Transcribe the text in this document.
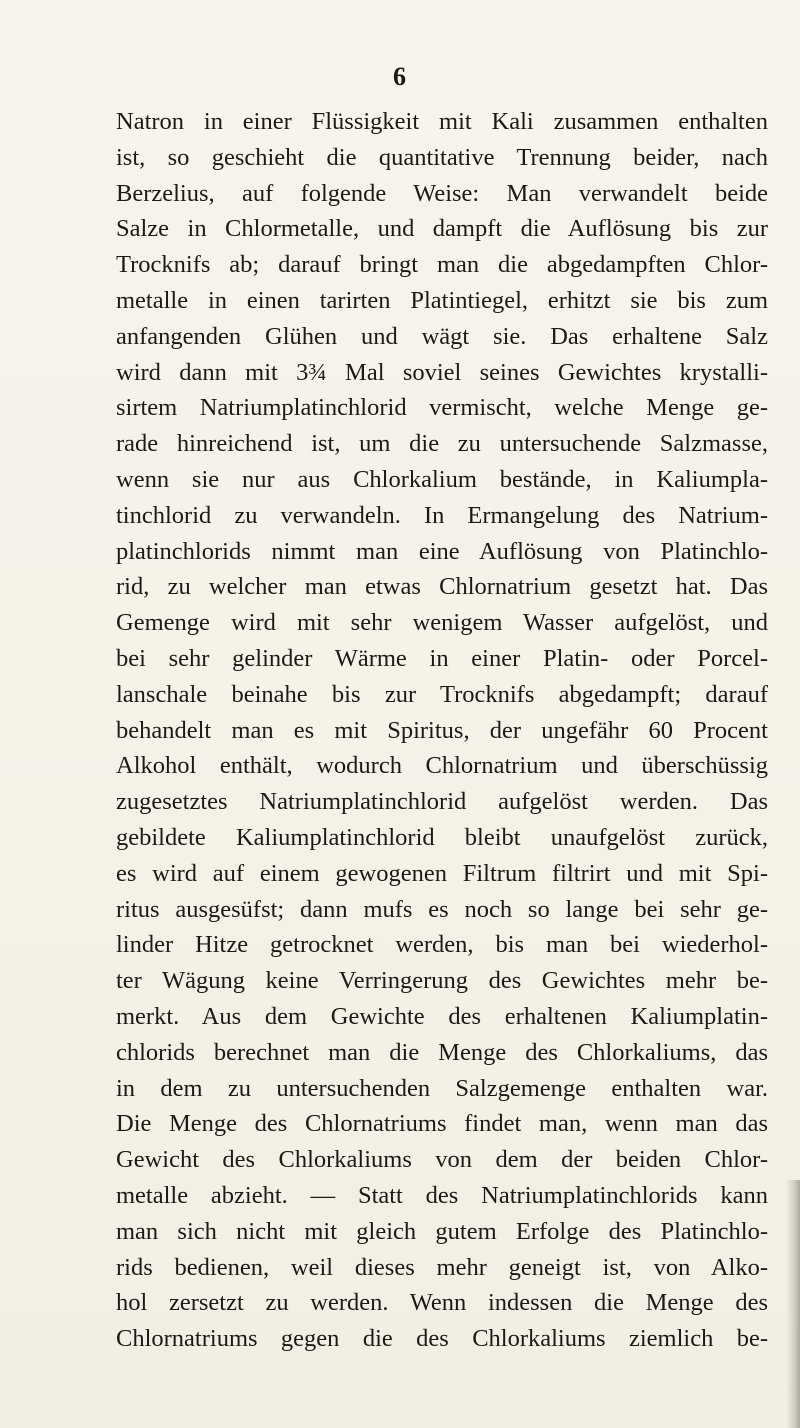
6
Natron in einer Flüssigkeit mit Kali zusammen enthalten
ist, so geschieht die quantitative Trennung beider, nach
Berzelius, auf folgende Weise: Man verwandelt beide
Salze in Chlormetalle, und dampft die Auflösung bis zur
Trocknifs ab; darauf bringt man die abgedampften Chlor-
metalle in einen tarirten Platintiegel, erhitzt sie bis zum
anfangenden Glühen und wägt sie. Das erhaltene Salz
wird dann mit 3¾ Mal soviel seines Gewichtes krystalli-
sirtem Natriumplatinchlorid vermischt, welche Menge ge-
rade hinreichend ist, um die zu untersuchende Salzmasse,
wenn sie nur aus Chlorkalium bestände, in Kaliumpla-
tinchlorid zu verwandeln. In Ermangelung des Natrium-
platinchlorids nimmt man eine Auflösung von Platinchlo-
rid, zu welcher man etwas Chlornatrium gesetzt hat. Das
Gemenge wird mit sehr wenigem Wasser aufgelöst, und
bei sehr gelinder Wärme in einer Platin- oder Porcel-
lanschale beinahe bis zur Trocknifs abgedampft; darauf
behandelt man es mit Spiritus, der ungefähr 60 Procent
Alkohol enthält, wodurch Chlornatrium und überschüssig
zugesetztes Natriumplatinchlorid aufgelöst werden. Das
gebildete Kaliumplatinchlorid bleibt unaufgelöst zurück,
es wird auf einem gewogenen Filtrum filtrirt und mit Spi-
ritus ausgesüfst; dann mufs es noch so lange bei sehr ge-
linder Hitze getrocknet werden, bis man bei wiederhol-
ter Wägung keine Verringerung des Gewichtes mehr be-
merkt. Aus dem Gewichte des erhaltenen Kaliumplatin-
chlorids berechnet man die Menge des Chlorkaliums, das
in dem zu untersuchenden Salzgemenge enthalten war.
Die Menge des Chlornatriums findet man, wenn man das
Gewicht des Chlorkaliums von dem der beiden Chlor-
metalle abzieht. — Statt des Natriumplatinchlorids kann
man sich nicht mit gleich gutem Erfolge des Platinchlo-
rids bedienen, weil dieses mehr geneigt ist, von Alko-
hol zersetzt zu werden. Wenn indessen die Menge des
Chlornatriums gegen die des Chlorkaliums ziemlich be-
